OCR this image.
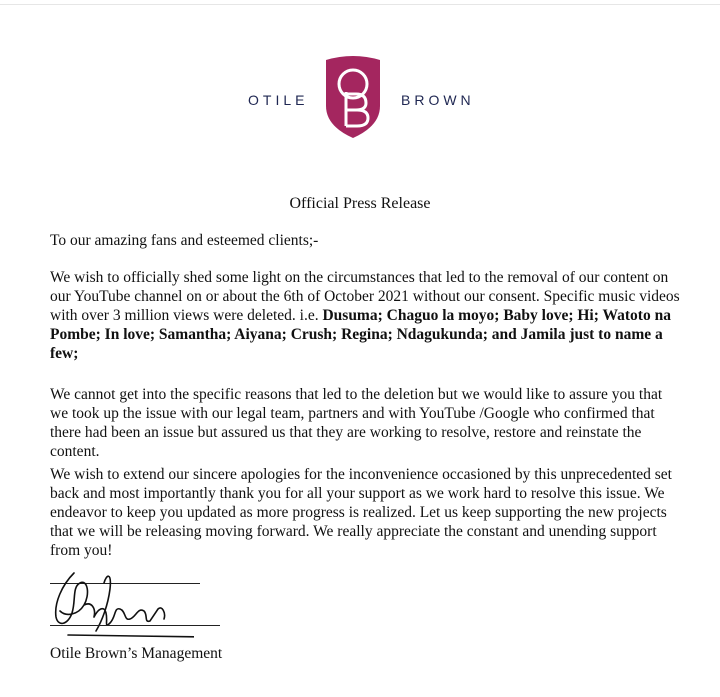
OTILE	BROWN
Official Press Release
To our amazing fans and esteemed clients;-

We wish to officially shed some light on the circumstances that led to the removal of our content on our YouTube channel on or about the 6th of October 2021 without our consent. Specific music videos with over 3 million views were deleted. i.e. Dusuma; Chaguo la moyo; Baby love; Hi; Watoto na Pombe; In love; Samantha; Aiyana; Crush; Regina; Ndagukunda; and Jamila just to name a few;

We cannot get into the specific reasons that led to the deletion but we would like to assure you that we took up the issue with our legal team, partners and with YouTube /Google who confirmed that there had been an issue but assured us that they are working to resolve, restore and reinstate the content.

We wish to extend our sincere apologies for the inconvenience occasioned by this unprecedented set back and most importantly thank you for all your support as we work hard to resolve this issue. We endeavor to keep you updated as more progress is realized. Let us keep supporting the new projects that we will be releasing moving forward. We really appreciate the constant and unending support from you!

Otile Brown’s Management
